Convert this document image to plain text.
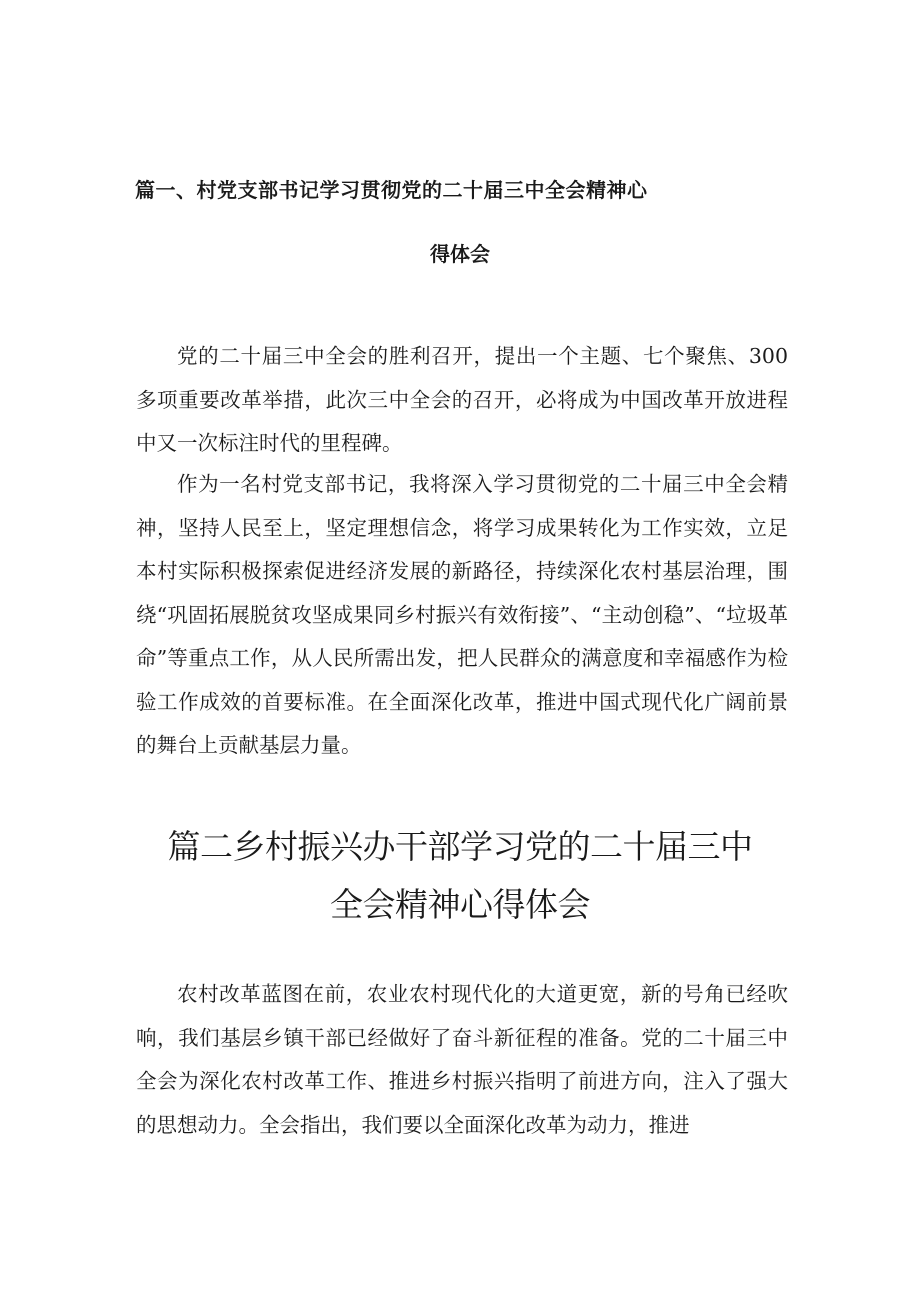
篇一、村党支部书记学习贯彻党的二十届三中全会精神心
得体会

党的二十届三中全会的胜利召开，提出一个主题、七个聚焦、300多项重要改革举措，此次三中全会的召开，必将成为中国改革开放进程中又一次标注时代的里程碑。

作为一名村党支部书记，我将深入学习贯彻党的二十届三中全会精神，坚持人民至上，坚定理想信念，将学习成果转化为工作实效，立足本村实际积极探索促进经济发展的新路径，持续深化农村基层治理，围绕“巩固拓展脱贫攻坚成果同乡村振兴有效衔接”、“主动创稳”、“垃圾革命”等重点工作，从人民所需出发，把人民群众的满意度和幸福感作为检验工作成效的首要标准。在全面深化改革，推进中国式现代化广阔前景的舞台上贡献基层力量。

篇二乡村振兴办干部学习党的二十届三中
全会精神心得体会

农村改革蓝图在前，农业农村现代化的大道更宽，新的号角已经吹响，我们基层乡镇干部已经做好了奋斗新征程的准备。党的二十届三中全会为深化农村改革工作、推进乡村振兴指明了前进方向，注入了强大的思想动力。全会指出，我们要以全面深化改革为动力，推进
